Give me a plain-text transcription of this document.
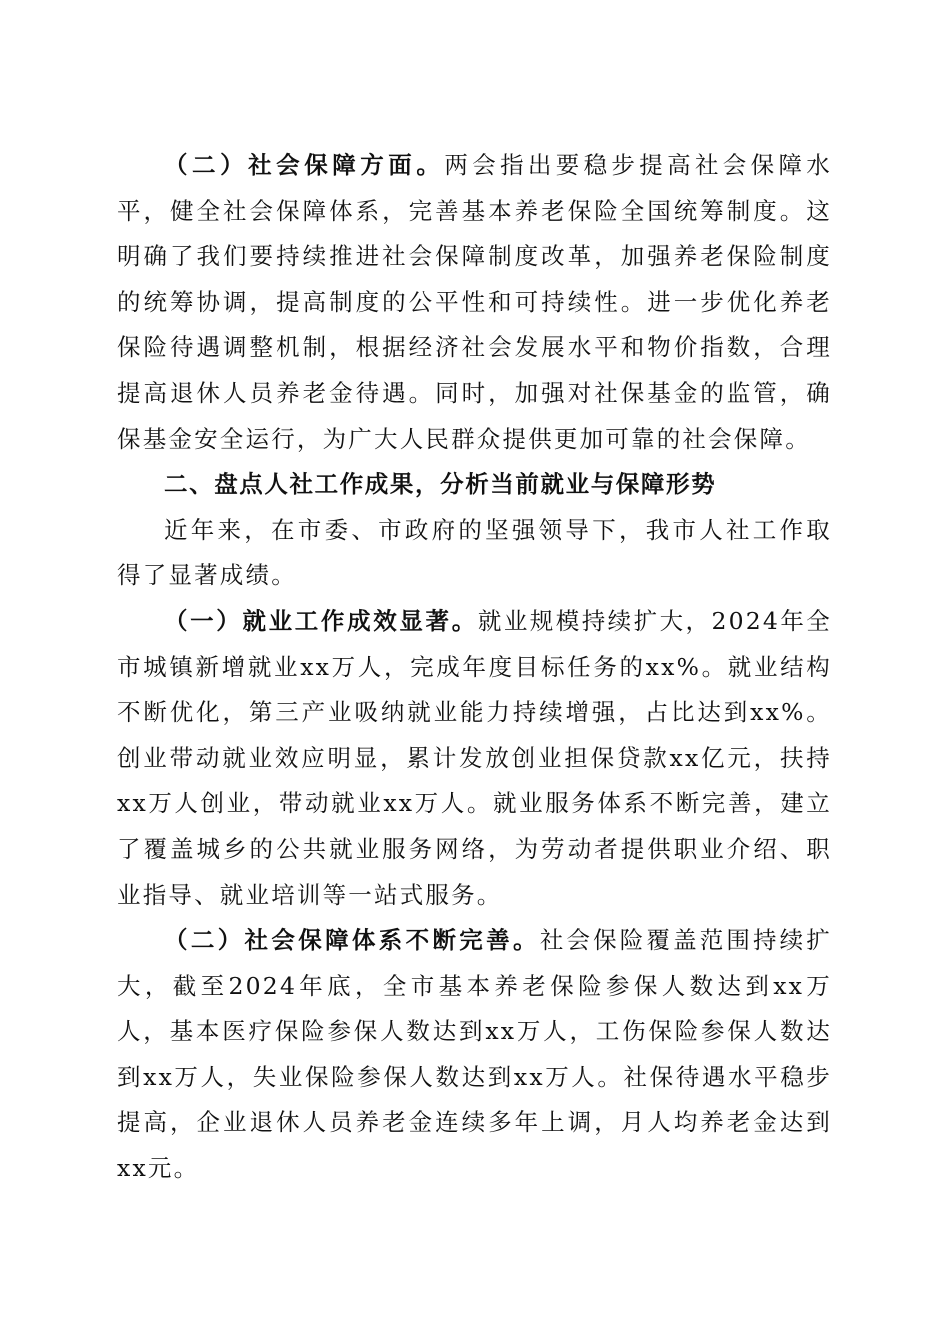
（二）社会保障方面。两会指出要稳步提高社会保障水平，健全社会保障体系，完善基本养老保险全国统筹制度。这明确了我们要持续推进社会保障制度改革，加强养老保险制度的统筹协调，提高制度的公平性和可持续性。进一步优化养老保险待遇调整机制，根据经济社会发展水平和物价指数，合理提高退休人员养老金待遇。同时，加强对社保基金的监管，确保基金安全运行，为广大人民群众提供更加可靠的社会保障。

二、盘点人社工作成果，分析当前就业与保障形势

近年来，在市委、市政府的坚强领导下，我市人社工作取得了显著成绩。

（一）就业工作成效显著。就业规模持续扩大，2024年全市城镇新增就业xx万人，完成年度目标任务的xx%。就业结构不断优化，第三产业吸纳就业能力持续增强，占比达到xx%。创业带动就业效应明显，累计发放创业担保贷款xx亿元，扶持xx万人创业，带动就业xx万人。就业服务体系不断完善，建立了覆盖城乡的公共就业服务网络，为劳动者提供职业介绍、职业指导、就业培训等一站式服务。

（二）社会保障体系不断完善。社会保险覆盖范围持续扩大，截至2024年底，全市基本养老保险参保人数达到xx万人，基本医疗保险参保人数达到xx万人，工伤保险参保人数达到xx万人，失业保险参保人数达到xx万人。社保待遇水平稳步提高，企业退休人员养老金连续多年上调，月人均养老金达到xx元。
